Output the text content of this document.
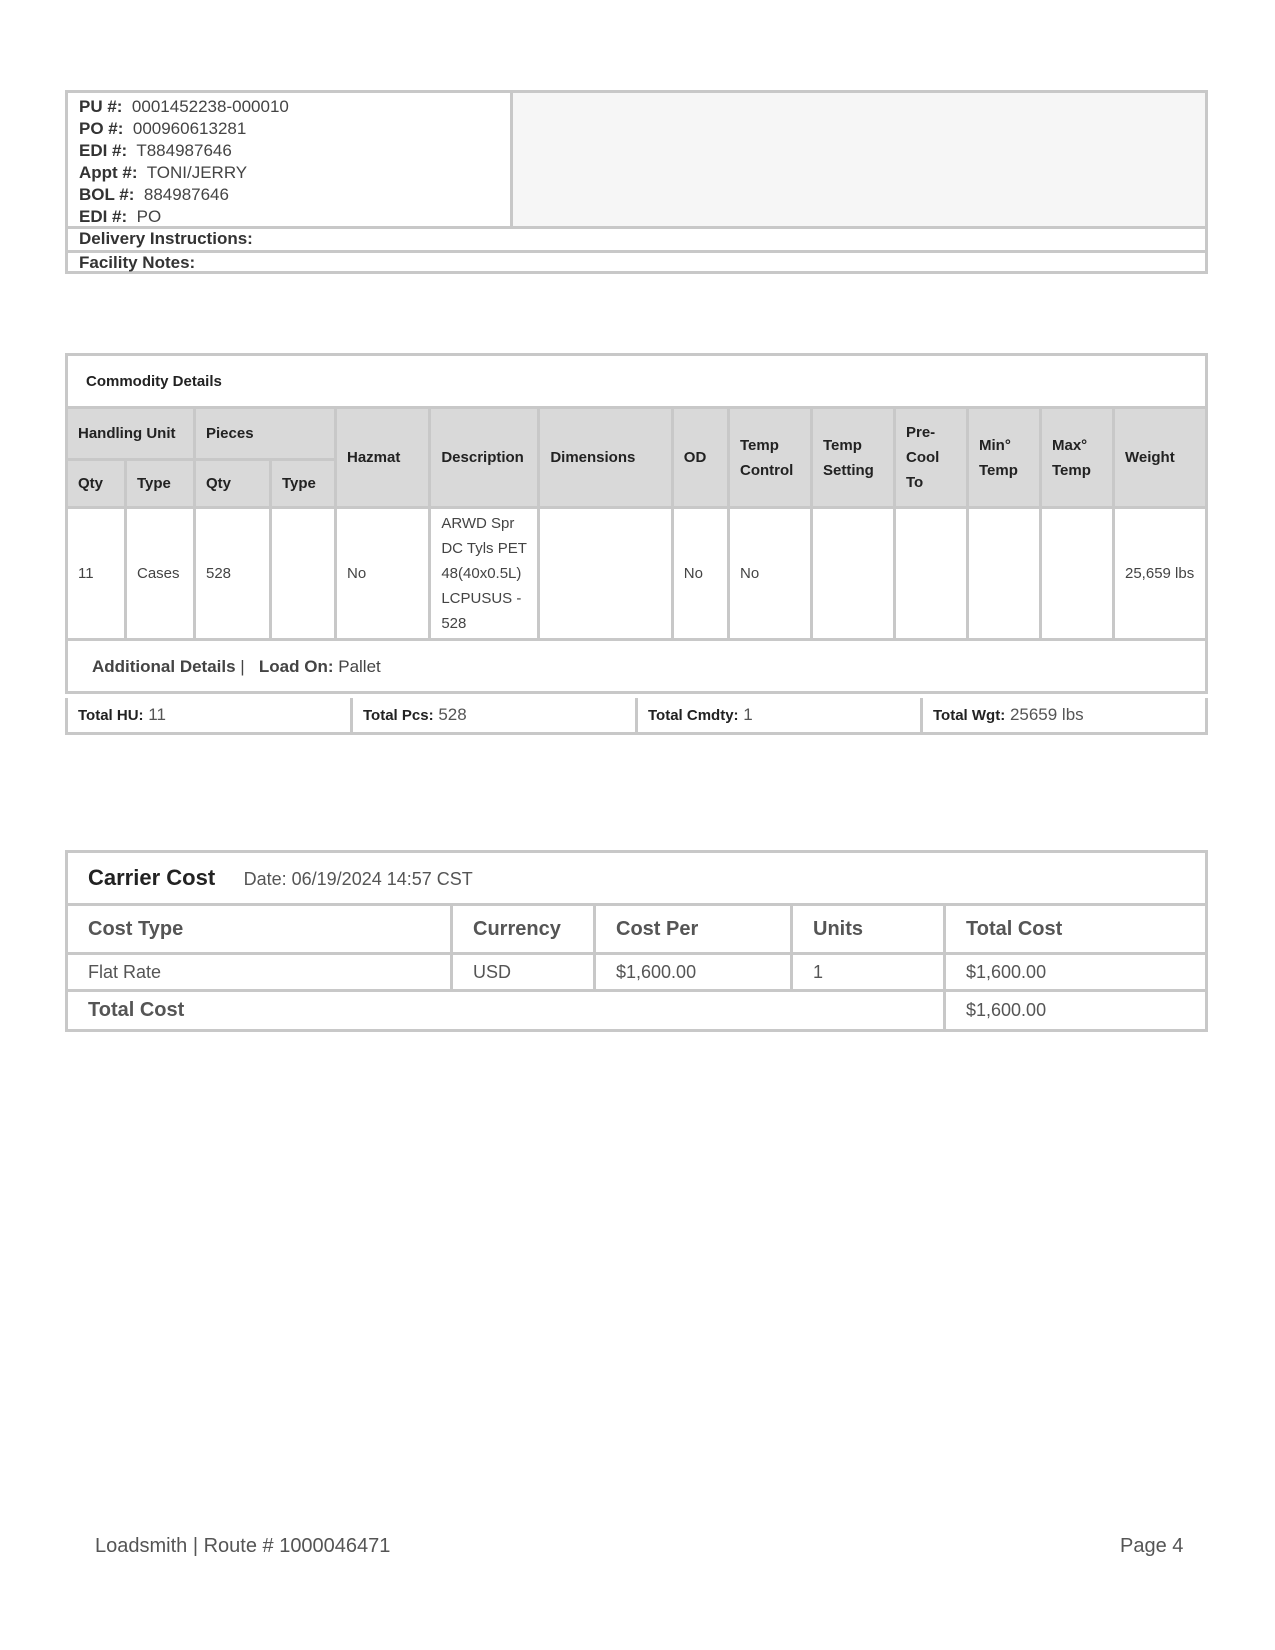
PU #: 0001452238-000010
PO #: 000960613281
EDI #: T884987646
Appt #: TONI/JERRY
BOL #: 884987646
EDI #: PO
Delivery Instructions:
Facility Notes:
Commodity Details													
Handling Unit		Pieces		Hazmat	Description	Dimensions	OD	Temp Control	Temp Setting	Pre-Cool To	Min° Temp	Max° Temp	Weight
Qty	Type	Qty	Type										
11	Cases	528		No	ARWD Spr DC Tyls PET 48(40x0.5L) LCPUSUS - 528		No	No					25,659 lbs
Additional Details |   Load On: Pallet													
Total HU: 11	Total Pcs: 528	Total Cmdty: 1	Total Wgt: 25659 lbs
Carrier Cost Date: 06/19/2024 14:57 CST				
Cost Type	Currency	Cost Per	Units	Total Cost
Flat Rate	USD	$1,600.00	1	$1,600.00
Total Cost				$1,600.00
Loadsmith | Route # 1000046471	Page 4
